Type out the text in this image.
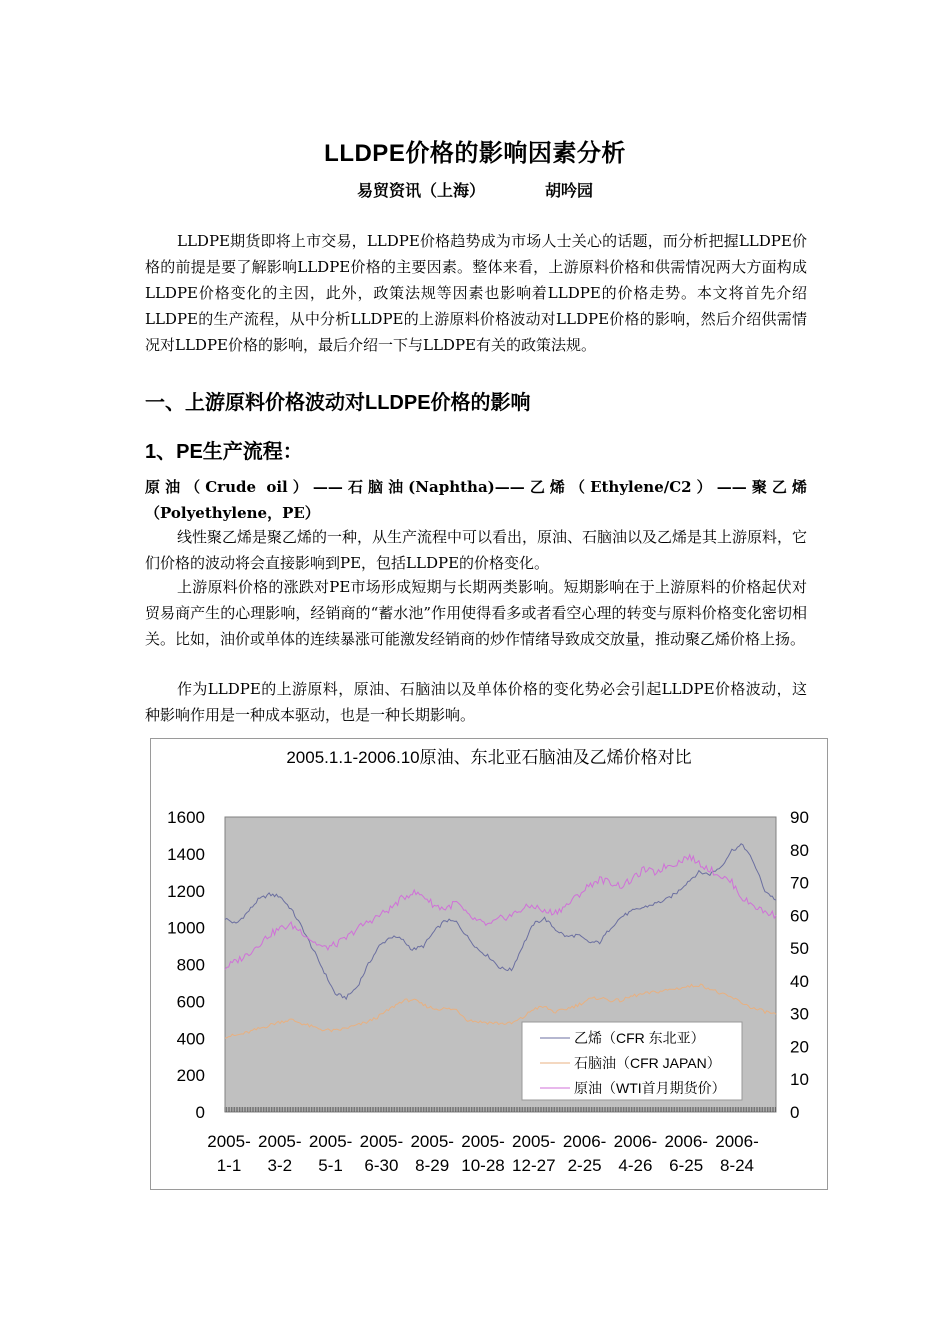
LLDPE价格的影响因素分析
易贸资讯（上海）	胡吟园

LLDPE期货即将上市交易，LLDPE价格趋势成为市场人士关心的话题，而分析把握LLDPE价格的前提是要了解影响LLDPE价格的主要因素。整体来看，上游原料价格和供需情况两大方面构成LLDPE价格变化的主因，此外，政策法规等因素也影响着LLDPE的价格走势。本文将首先介绍LLDPE的生产流程，从中分析LLDPE的上游原料价格波动对LLDPE价格的影响，然后介绍供需情况对LLDPE价格的影响，最后介绍一下与LLDPE有关的政策法规。

一、上游原料价格波动对LLDPE价格的影响
1、PE生产流程：

原油（Crude oil）——石脑油(Naphtha)——乙烯（Ethylene/C2）——聚乙烯（Polyethylene，PE）

线性聚乙烯是聚乙烯的一种，从生产流程中可以看出，原油、石脑油以及乙烯是其上游原料，它们价格的波动将会直接影响到PE，包括LLDPE的价格变化。

上游原料价格的涨跌对PE市场形成短期与长期两类影响。短期影响在于上游原料的价格起伏对贸易商产生的心理影响，经销商的“蓄水池”作用使得看多或者看空心理的转变与原料价格变化密切相关。比如，油价或单体的连续暴涨可能激发经销商的炒作情绪导致成交放量，推动聚乙烯价格上扬。

作为LLDPE的上游原料，原油、石脑油以及单体价格的变化势必会引起LLDPE价格波动，这种影响作用是一种成本驱动，也是一种长期影响。

2005.1.1-2006.10原油、东北亚石脑油及乙烯价格对比
0
200
400
600
800
1000
1200
1400
1600
0
10
20
30
40
50
60
70
80
90
2005-
1-1
2005-
3-2
2005-
5-1
2005-
6-30
2005-
8-29
2005-
10-28
2005-
12-27
2006-
2-25
2006-
4-26
2006-
6-25
2006-
8-24
乙烯（CFR 东北亚）
石脑油（CFR JAPAN）
原油（WTI首月期货价）
